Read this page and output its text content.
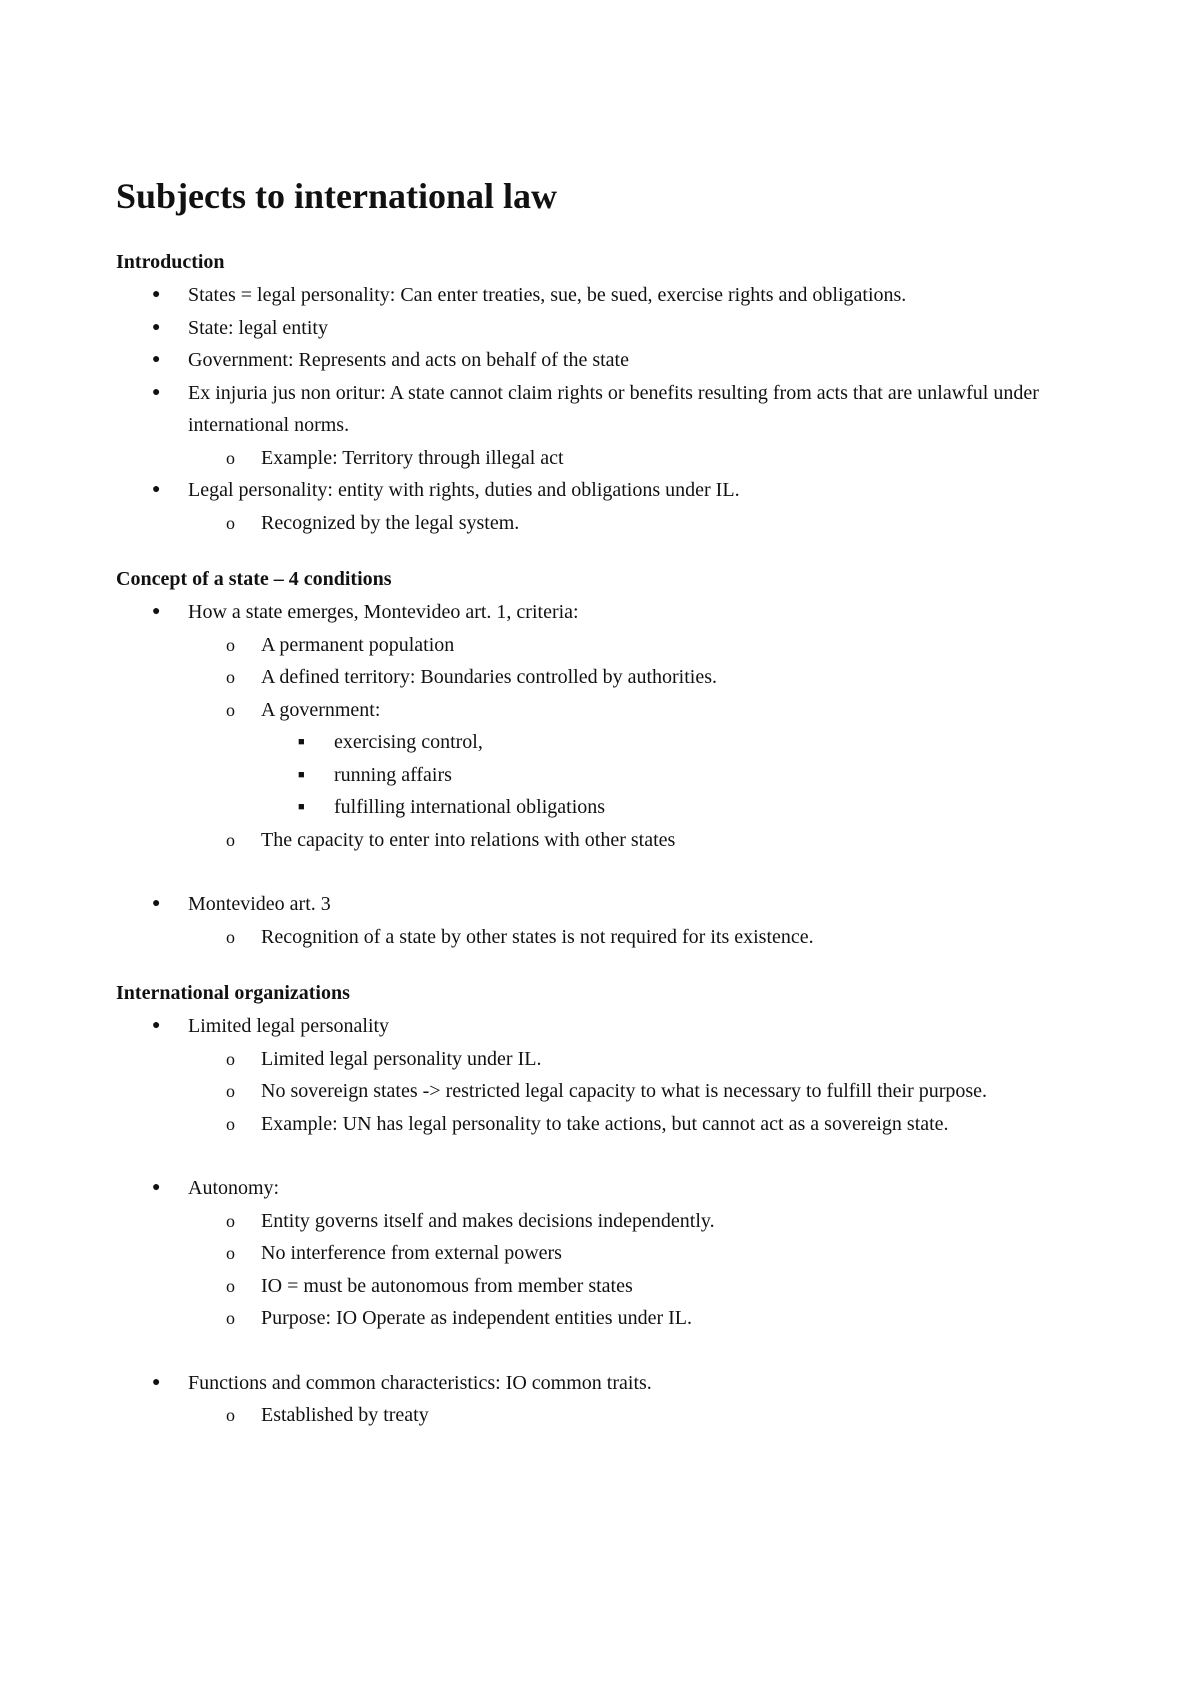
Subjects to international law
Introduction
● States = legal personality: Can enter treaties, sue, be sued, exercise rights and obligations.
● State: legal entity
● Government: Represents and acts on behalf of the state
● Ex injuria jus non oritur: A state cannot claim rights or benefits resulting from acts that are unlawful under international norms.
o Example: Territory through illegal act
● Legal personality: entity with rights, duties and obligations under IL.
o Recognized by the legal system.
Concept of a state – 4 conditions
● How a state emerges, Montevideo art. 1, criteria:
o A permanent population
o A defined territory: Boundaries controlled by authorities.
o A government:
■ exercising control,
■ running affairs
■ fulfilling international obligations
o The capacity to enter into relations with other states
● Montevideo art. 3
o Recognition of a state by other states is not required for its existence.
International organizations
● Limited legal personality
o Limited legal personality under IL.
o No sovereign states -> restricted legal capacity to what is necessary to fulfill their purpose.
o Example: UN has legal personality to take actions, but cannot act as a sovereign state.
● Autonomy:
o Entity governs itself and makes decisions independently.
o No interference from external powers
o IO = must be autonomous from member states
o Purpose: IO Operate as independent entities under IL.
● Functions and common characteristics: IO common traits.
o Established by treaty
